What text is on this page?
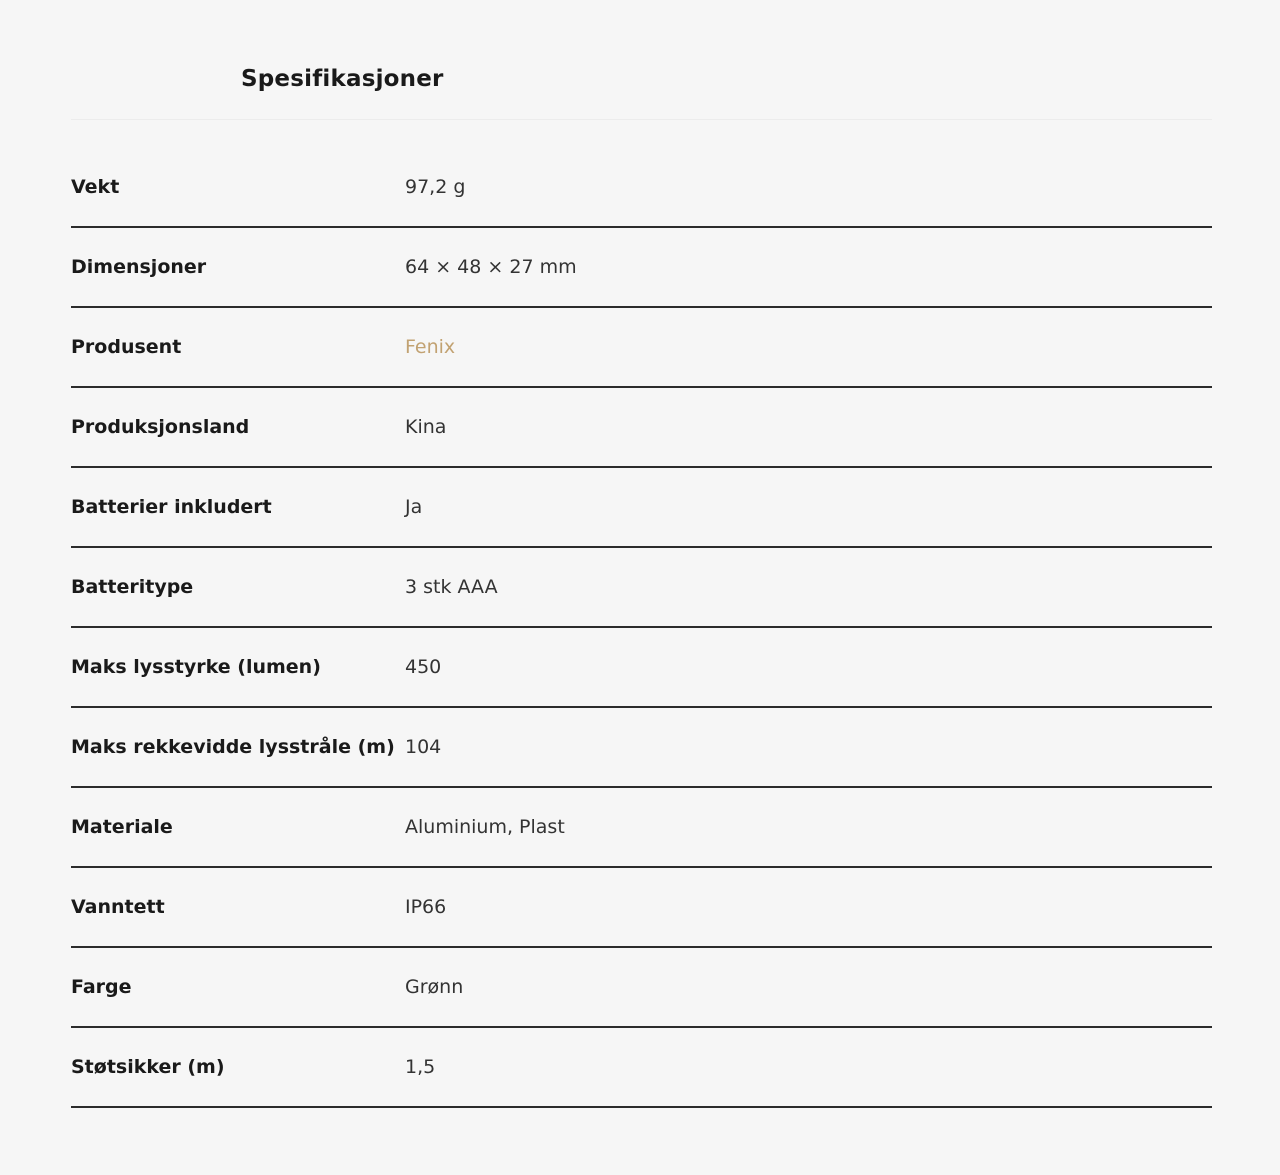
Spesifikasjoner
Vekt	97,2 g
Dimensjoner	64 × 48 × 27 mm
Produsent	Fenix
Produksjonsland	Kina
Batterier inkludert	Ja
Batteritype	3 stk AAA
Maks lysstyrke (lumen)	450
Maks rekkevidde lysstråle (m) 104
Materiale	Aluminium, Plast
Vanntett	IP66
Farge	Grønn
Støtsikker (m)	1,5
